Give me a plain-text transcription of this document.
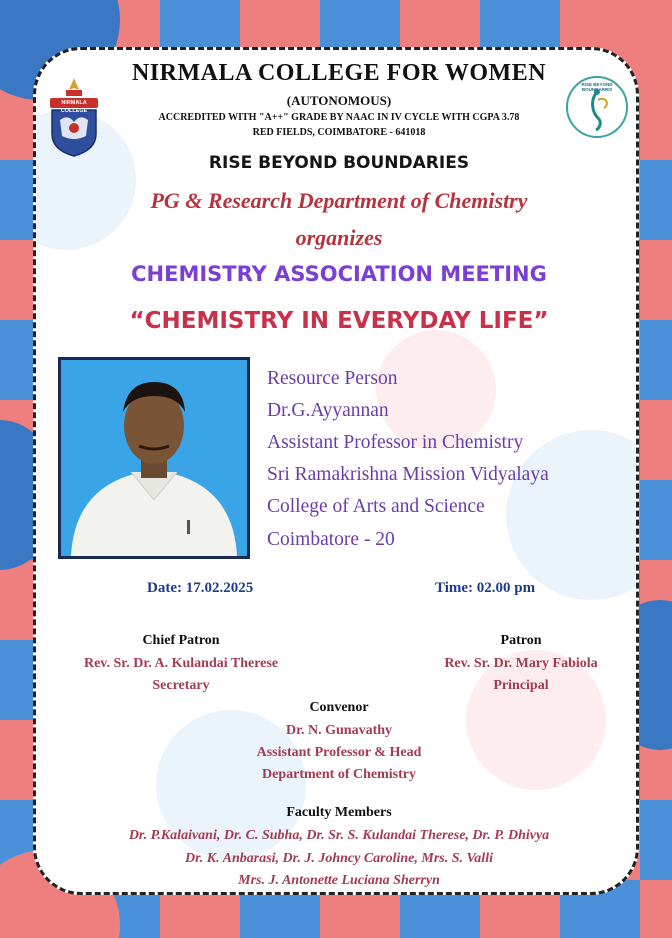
NIRMALA COLLEGE
RISE BEYOND BOUNDARIES
NIRMALA COLLEGE FOR WOMEN
(AUTONOMOUS)
ACCREDITED WITH "A++" GRADE BY NAAC IN IV CYCLE WITH CGPA 3.78
RED FIELDS, COIMBATORE - 641018
RISE BEYOND BOUNDARIES
PG & Research Department of Chemistry
organizes
CHEMISTRY ASSOCIATION MEETING
“CHEMISTRY IN EVERYDAY LIFE”
Resource Person
Dr.G.Ayyannan
Assistant Professor in Chemistry
Sri Ramakrishna Mission Vidyalaya
College of Arts and Science
Coimbatore - 20
Date: 17.02.2025	Time: 02.00 pm
Chief Patron
Rev. Sr. Dr. A. Kulandai Therese
Secretary
Patron
Rev. Sr. Dr. Mary Fabiola
Principal
Convenor
Dr. N. Gunavathy
Assistant Professor & Head
Department of Chemistry
Faculty Members
Dr. P.Kalaivani, Dr. C. Subha, Dr. Sr. S. Kulandai Therese, Dr. P. Dhivya
Dr. K. Anbarasi, Dr. J. Johncy Caroline, Mrs. S. Valli
Mrs. J. Antonette Luciana Sherryn
